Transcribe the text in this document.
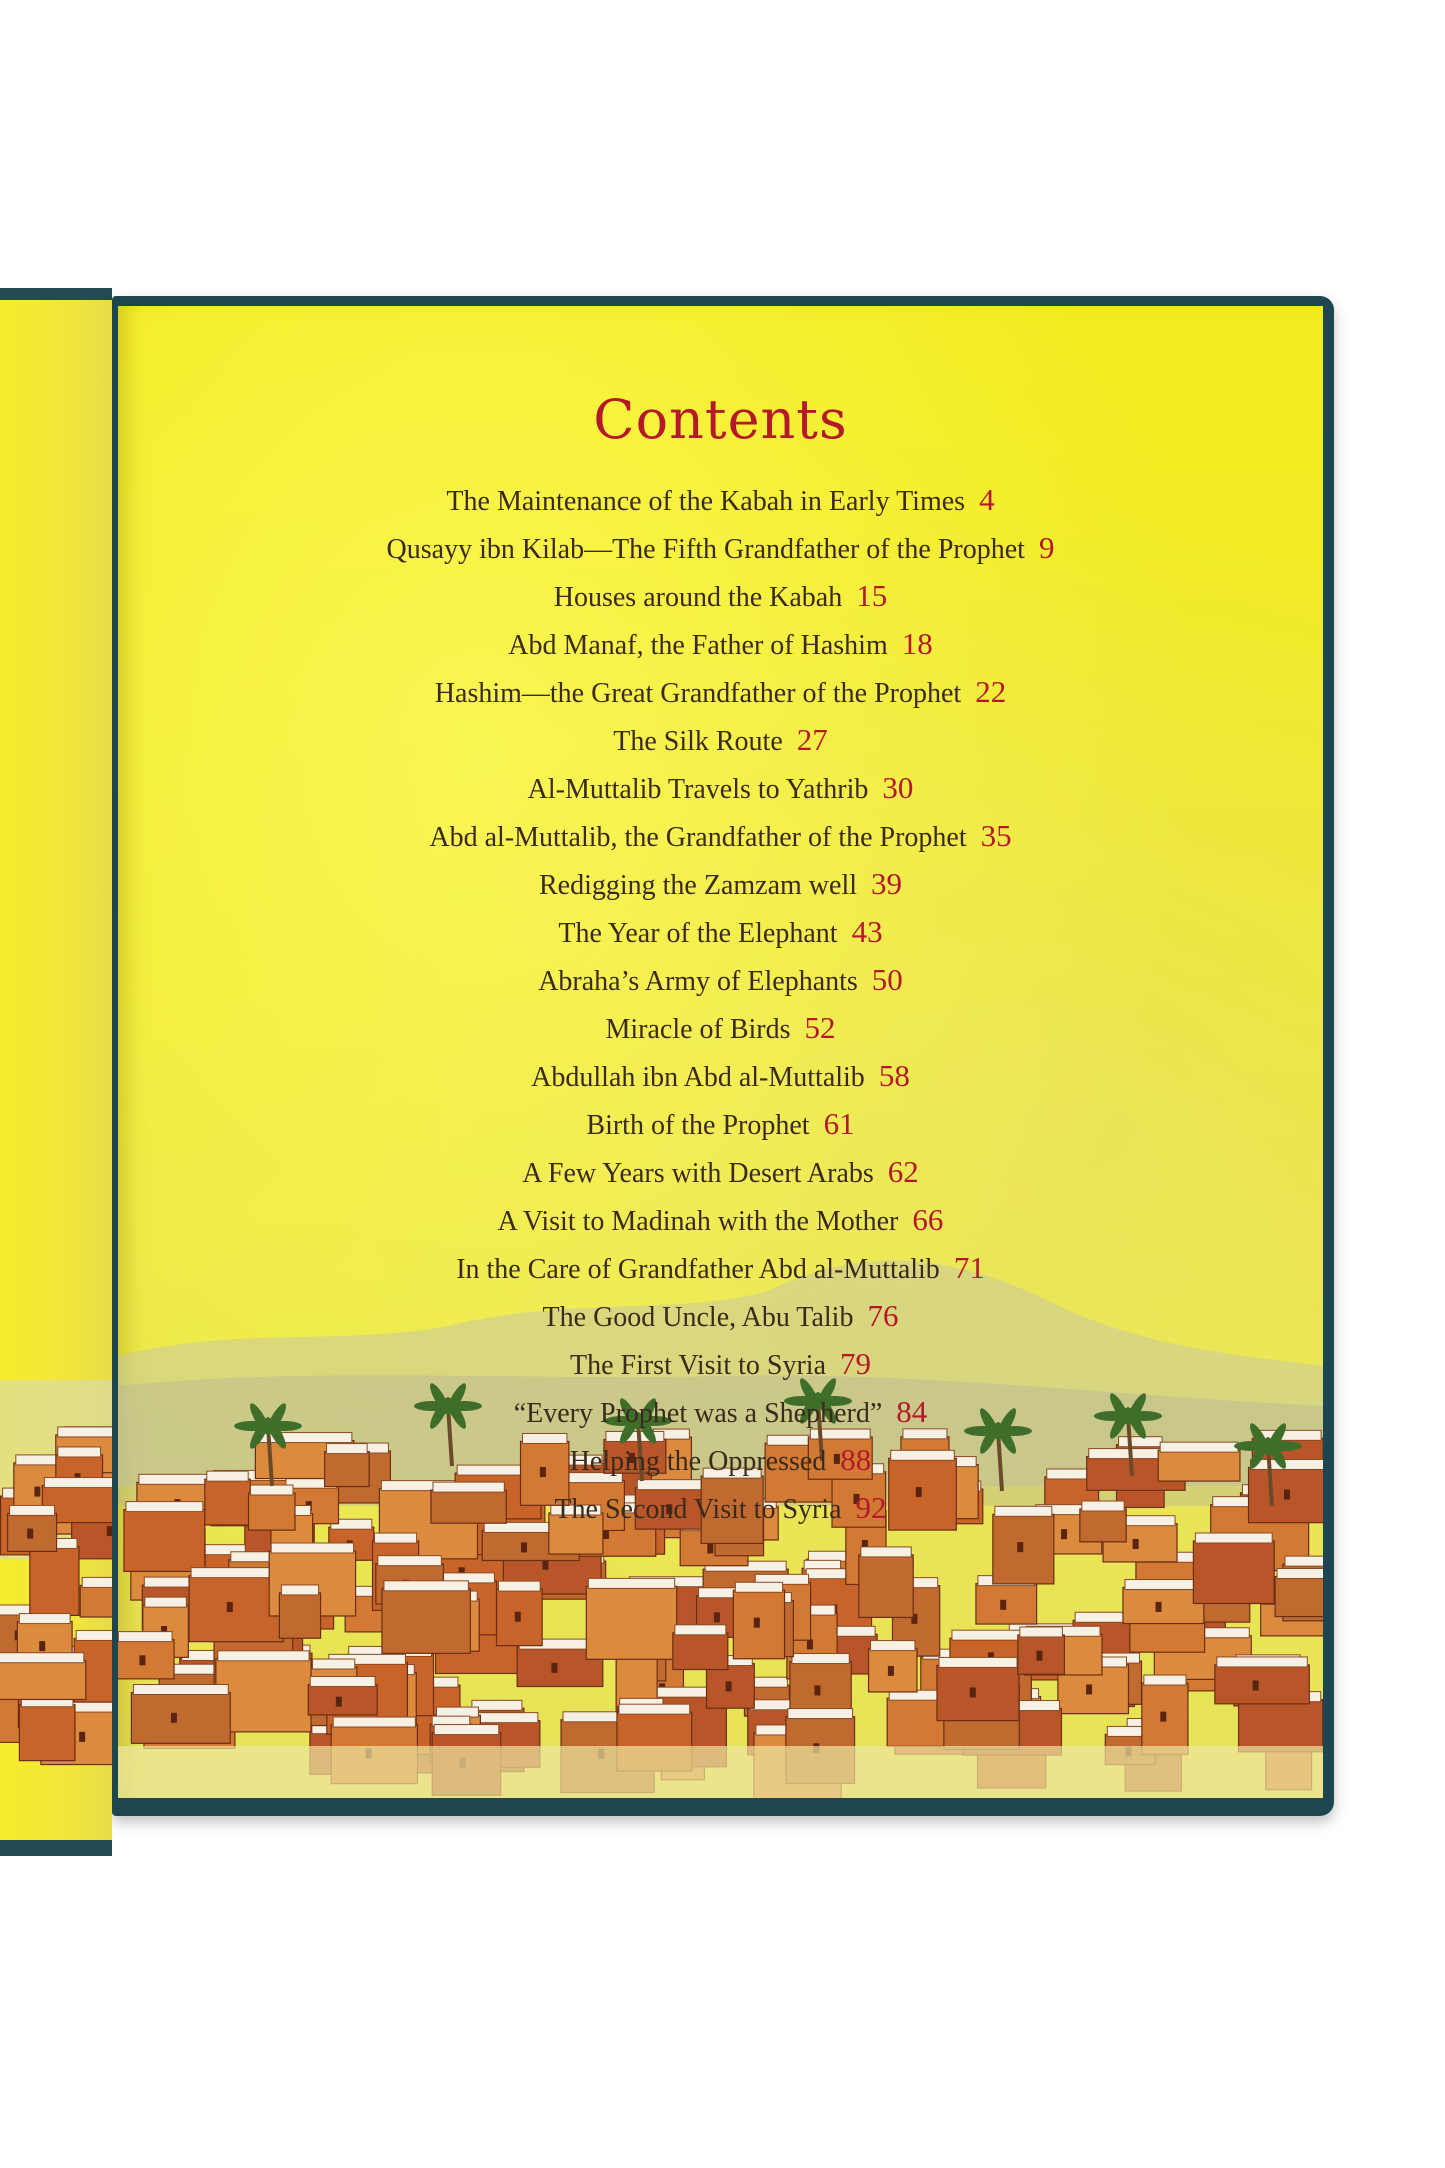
Contents
The Maintenance of the Kabah in Early Times 4
Qusayy ibn Kilab—The Fifth Grandfather of the Prophet 9
Houses around the Kabah 15
Abd Manaf, the Father of Hashim 18
Hashim—the Great Grandfather of the Prophet 22
The Silk Route 27
Al-Muttalib Travels to Yathrib 30
Abd al-Muttalib, the Grandfather of the Prophet 35
Redigging the Zamzam well 39
The Year of the Elephant 43
Abraha’s Army of Elephants 50
Miracle of Birds 52
Abdullah ibn Abd al-Muttalib 58
Birth of the Prophet 61
A Few Years with Desert Arabs 62
A Visit to Madinah with the Mother 66
In the Care of Grandfather Abd al-Muttalib 71
The Good Uncle, Abu Talib 76
The First Visit to Syria 79
“Every Prophet was a Shepherd” 84
Helping the Oppressed 88
The Second Visit to Syria 92
